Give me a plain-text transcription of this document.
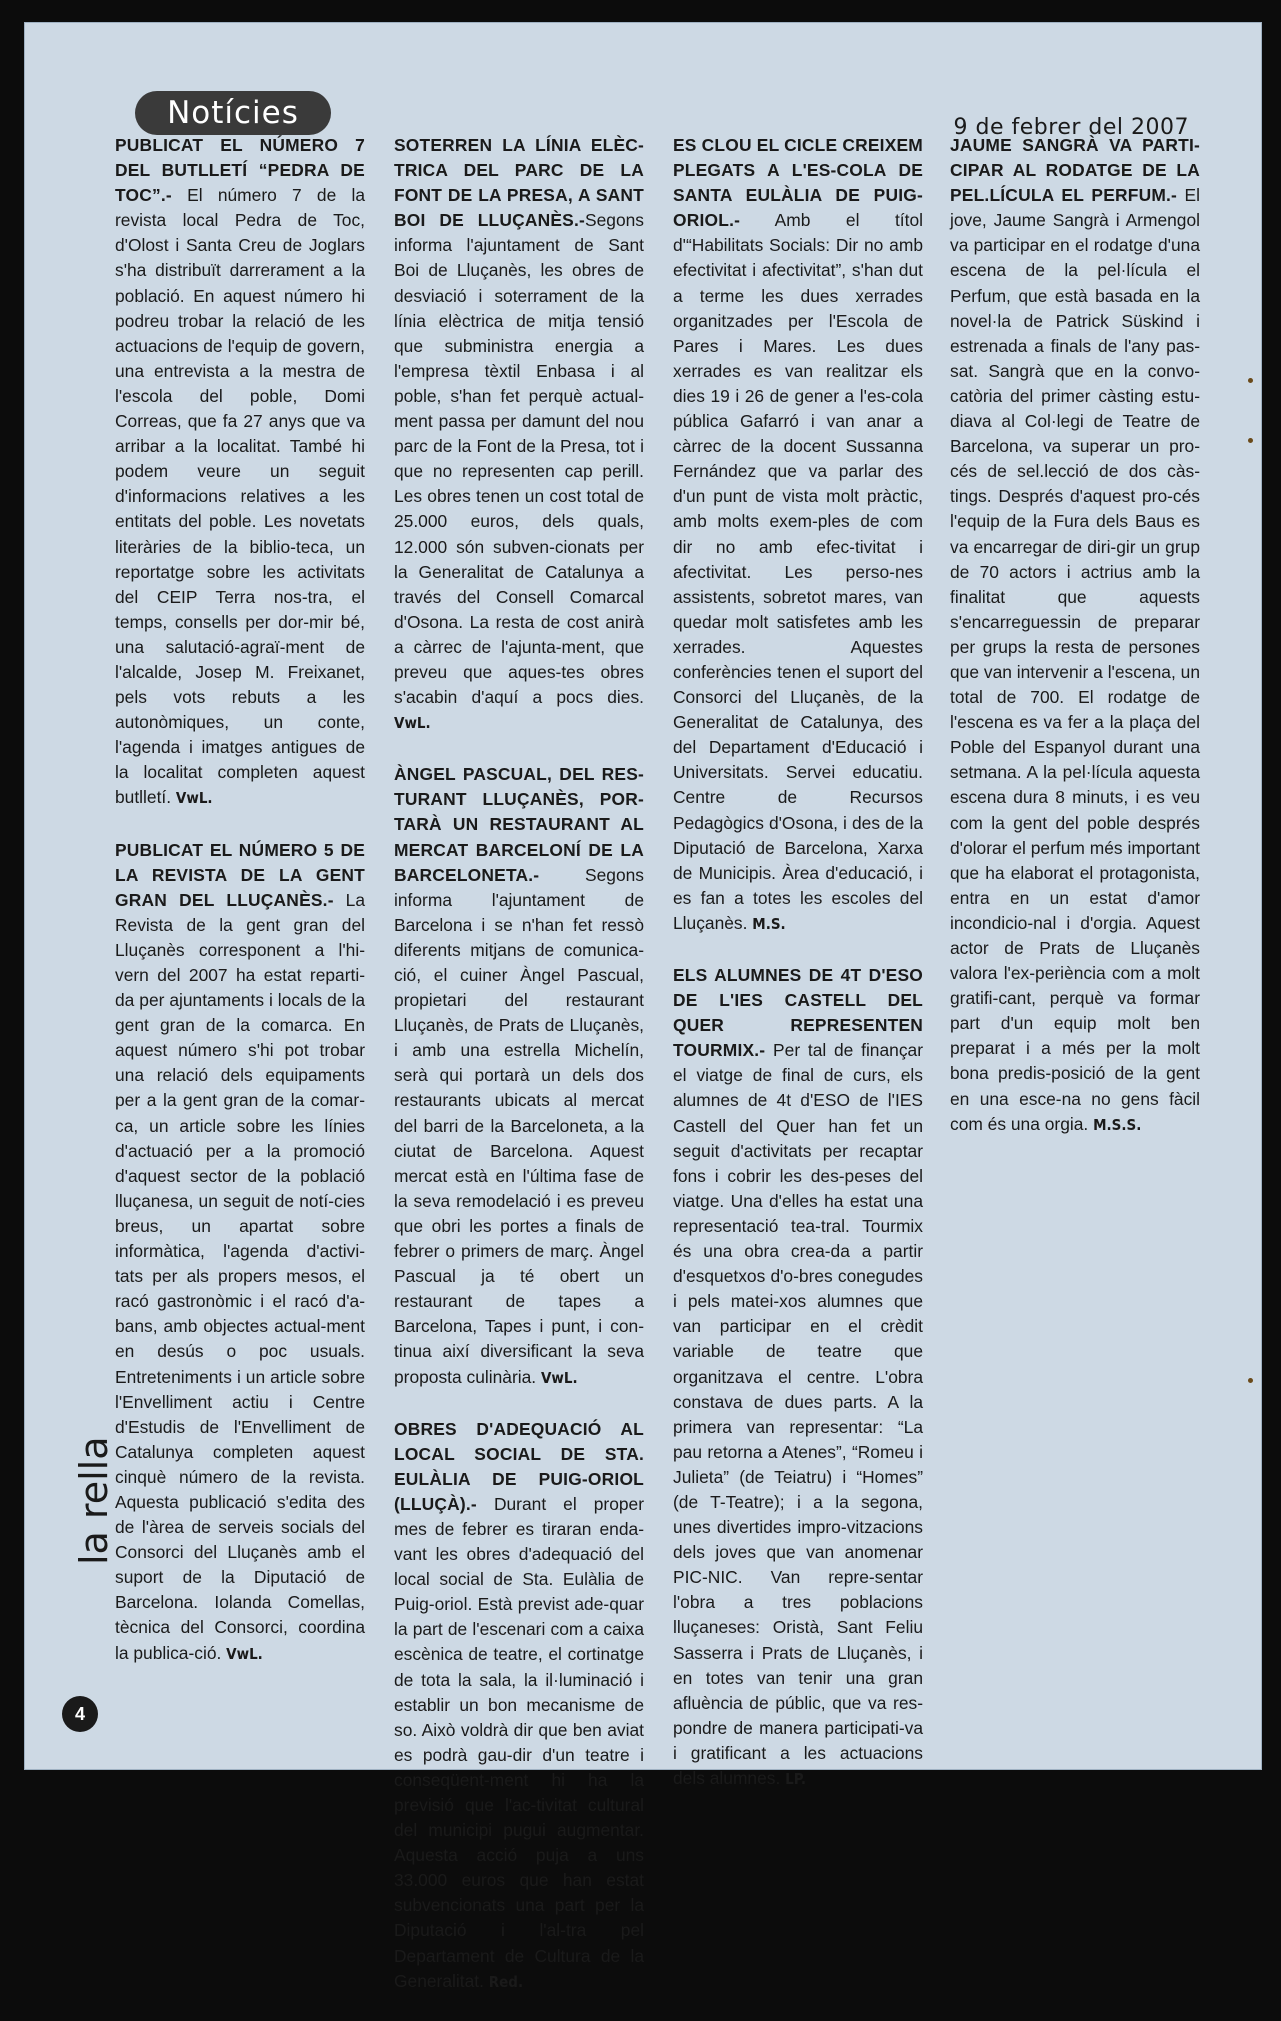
Notícies	9 de febrer del 2007

PUBLICAT EL NÚMERO 7 DEL BUTLLETÍ “PEDRA DE TOC”.- El número 7 de la revista local Pedra de Toc, d'Olost i Santa Creu de Joglars s'ha distribuït darrerament a la població. En aquest número hi podreu trobar la relació de les actuacions de l'equip de govern, una entrevista a la mestra de l'escola del poble, Domi Correas, que fa 27 anys que va arribar a la localitat. També hi podem veure un seguit d'informacions relatives a les entitats del poble. Les novetats literàries de la biblio-teca, un reportatge sobre les activitats del CEIP Terra nos-tra, el temps, consells per dor-mir bé, una salutació-agraï-ment de l'alcalde, Josep M. Freixanet, pels vots rebuts a les autonòmiques, un conte, l'agenda i imatges antigues de la localitat completen aquest butlletí. VwL.

PUBLICAT EL NÚMERO 5 DE LA REVISTA DE LA GENT GRAN DEL LLUÇANÈS.- La Revista de la gent gran del Lluçanès corresponent a l'hi-vern del 2007 ha estat reparti-da per ajuntaments i locals de la gent gran de la comarca. En aquest número s'hi pot trobar una relació dels equipaments per a la gent gran de la comar-ca, un article sobre les línies d'actuació per a la promoció d'aquest sector de la població lluçanesa, un seguit de notí-cies breus, un apartat sobre informàtica, l'agenda d'activi-tats per als propers mesos, el racó gastronòmic i el racó d'a-bans, amb objectes actual-ment en desús o poc usuals. Entreteniments i un article sobre l'Envelliment actiu i Centre d'Estudis de l'Envelliment de Catalunya completen aquest cinquè número de la revista. Aquesta publicació s'edita des de l'àrea de serveis socials del Consorci del Lluçanès amb el suport de la Diputació de Barcelona. Iolanda Comellas, tècnica del Consorci, coordina la publica-ció. VwL.

SOTERREN LA LÍNIA ELÈC-TRICA DEL PARC DE LA FONT DE LA PRESA, A SANT BOI DE LLUÇANÈS.-Segons informa l'ajuntament de Sant Boi de Lluçanès, les obres de desviació i soterrament de la línia elèctrica de mitja tensió que subministra energia a l'empresa tèxtil Enbasa i al poble, s'han fet perquè actual-ment passa per damunt del nou parc de la Font de la Presa, tot i que no representen cap perill. Les obres tenen un cost total de 25.000 euros, dels quals, 12.000 són subven-cionats per la Generalitat de Catalunya a través del Consell Comarcal d'Osona. La resta de cost anirà a càrrec de l'ajunta-ment, que preveu que aques-tes obres s'acabin d'aquí a pocs dies. VwL.

ÀNGEL PASCUAL, DEL RES-TURANT LLUÇANÈS, POR-TARÀ UN RESTAURANT AL MERCAT BARCELONÍ DE LA BARCELONETA.- Segons informa l'ajuntament de Barcelona i se n'han fet ressò diferents mitjans de comunica-ció, el cuiner Àngel Pascual, propietari del restaurant Lluçanès, de Prats de Lluçanès, i amb una estrella Michelín, serà qui portarà un dels dos restaurants ubicats al mercat del barri de la Barceloneta, a la ciutat de Barcelona. Aquest mercat està en l'última fase de la seva remodelació i es preveu que obri les portes a finals de febrer o primers de març. Àngel Pascual ja té obert un restaurant de tapes a Barcelona, Tapes i punt, i con-tinua així diversificant la seva proposta culinària. VwL.

OBRES D'ADEQUACIÓ AL LOCAL SOCIAL DE STA. EULÀLIA DE PUIG-ORIOL (LLUÇÀ).- Durant el proper mes de febrer es tiraran enda-vant les obres d'adequació del local social de Sta. Eulàlia de Puig-oriol. Està previst ade-quar la part de l'escenari com a caixa escènica de teatre, el cortinatge de tota la sala, la il·luminació i establir un bon mecanisme de so. Això voldrà dir que ben aviat es podrà gau-dir d'un teatre i conseqüent-ment hi ha la previsió que l'ac-tivitat cultural del municipi pugui augmentar. Aquesta acció puja a uns 33.000 euros que han estat subvencionats una part per la Diputació i l'al-tra pel Departament de Cultura de la Generalitat. Red.

ES CLOU EL CICLE CREIXEM PLEGATS A L'ES-COLA DE SANTA EULÀLIA DE PUIG-ORIOL.- Amb el títol d'“Habilitats Socials: Dir no amb efectivitat i afectivitat”, s'han dut a terme les dues xerrades organitzades per l'Escola de Pares i Mares. Les dues xerrades es van realitzar els dies 19 i 26 de gener a l'es-cola pública Gafarró i van anar a càrrec de la docent Sussanna Fernández que va parlar des d'un punt de vista molt pràctic, amb molts exem-ples de com dir no amb efec-tivitat i afectivitat. Les perso-nes assistents, sobretot mares, van quedar molt satisfetes amb les xerrades. Aquestes conferències tenen el suport del Consorci del Lluçanès, de la Generalitat de Catalunya, des del Departament d'Educació i Universitats. Servei educatiu. Centre de Recursos Pedagògics d'Osona, i des de la Diputació de Barcelona, Xarxa de Municipis. Àrea d'educació, i es fan a totes les escoles del Lluçanès. M.S.

ELS ALUMNES DE 4T D'ESO DE L'IES CASTELL DEL QUER REPRESENTEN TOURMIX.- Per tal de finançar el viatge de final de curs, els alumnes de 4t d'ESO de l'IES Castell del Quer han fet un seguit d'activitats per recaptar fons i cobrir les des-peses del viatge. Una d'elles ha estat una representació tea-tral. Tourmix és una obra crea-da a partir d'esquetxos d'o-bres conegudes i pels matei-xos alumnes que van participar en el crèdit variable de teatre que organitzava el centre. L'obra constava de dues parts. A la primera van representar: “La pau retorna a Atenes”, “Romeu i Julieta” (de Teiatru) i “Homes” (de T-Teatre); i a la segona, unes divertides impro-vitzacions dels joves que van anomenar PIC-NIC. Van repre-sentar l'obra a tres poblacions lluçaneses: Oristà, Sant Feliu Sasserra i Prats de Lluçanès, i en totes van tenir una gran afluència de públic, que va res-pondre de manera participati-va i gratificant a les actuacions dels alumnes. LP.

JAUME SANGRÀ VA PARTI-CIPAR AL RODATGE DE LA PEL.LÍCULA EL PERFUM.- El jove, Jaume Sangrà i Armengol va participar en el rodatge d'una escena de la pel·lícula el Perfum, que està basada en la novel·la de Patrick Süskind i estrenada a finals de l'any pas-sat. Sangrà que en la convo-catòria del primer càsting estu-diava al Col·legi de Teatre de Barcelona, va superar un pro-cés de sel.lecció de dos càs-tings. Després d'aquest pro-cés l'equip de la Fura dels Baus es va encarregar de diri-gir un grup de 70 actors i actrius amb la finalitat que aquests s'encarreguessin de preparar per grups la resta de persones que van intervenir a l'escena, un total de 700. El rodatge de l'escena es va fer a la plaça del Poble del Espanyol durant una setmana. A la pel·lícula aquesta escena dura 8 minuts, i es veu com la gent del poble després d'olorar el perfum més important que ha elaborat el protagonista, entra en un estat d'amor incondicio-nal i d'orgia. Aquest actor de Prats de Lluçanès valora l'ex-periència com a molt gratifi-cant, perquè va formar part d'un equip molt ben preparat i a més per la molt bona predis-posició de la gent en una esce-na no gens fàcil com és una orgia. M.S.S.

la rella
4
